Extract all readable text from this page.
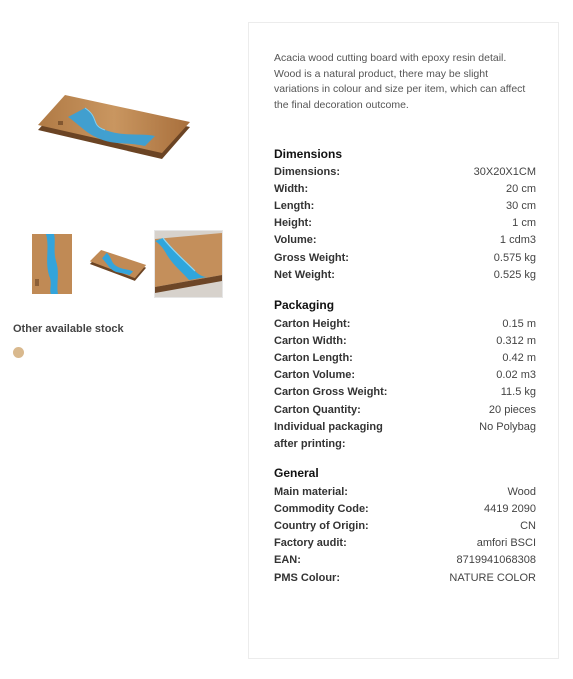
Other available stock
Acacia wood cutting board with epoxy resin detail. Wood is a natural product, there may be slight variations in colour and size per item, which can affect the final decoration outcome.
Dimensions
Dimensions:	30X20X1CM
Width:	20 cm
Length:	30 cm
Height:	1 cm
Volume:	1 cdm3
Gross Weight:	0.575 kg
Net Weight:	0.525 kg
Packaging
Carton Height:	0.15 m
Carton Width:	0.312 m
Carton Length:	0.42 m
Carton Volume:	0.02 m3
Carton Gross Weight:	11.5 kg
Carton Quantity:	20 pieces
Individual packaging	No Polybag
after printing:
General
Main material:	Wood
Commodity Code:	4419 2090
Country of Origin:	CN
Factory audit:	amfori BSCI
EAN:	8719941068308
PMS Colour:	NATURE COLOR
